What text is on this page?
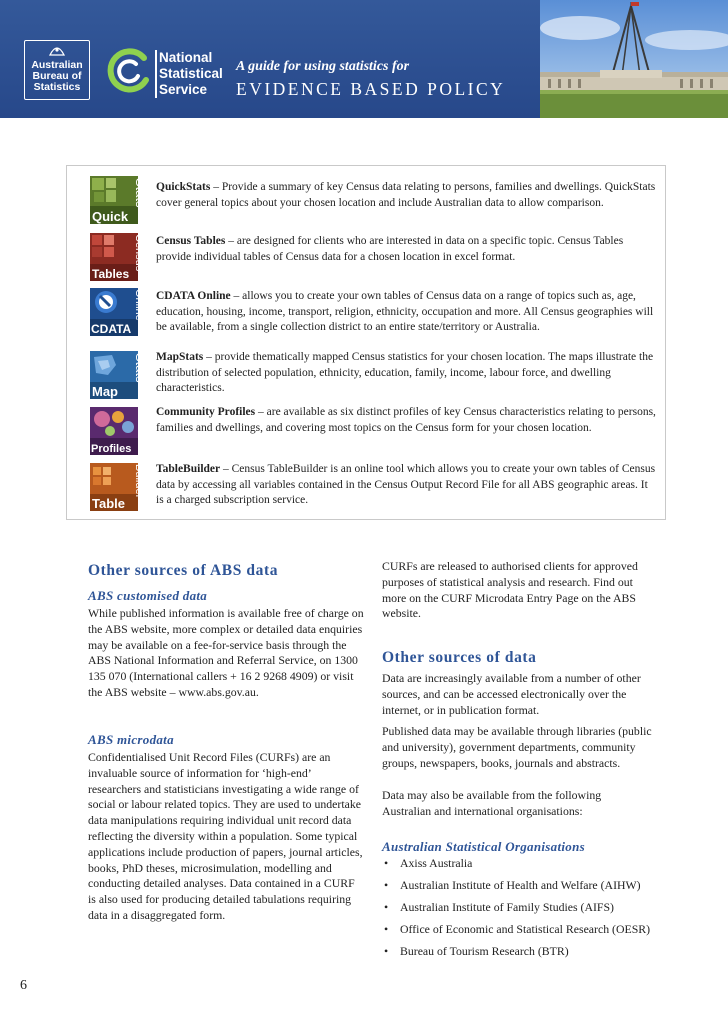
Australian
Bureau of
Statistics
National
Statistical
Service
A guide for using statistics for
EVIDENCE BASED POLICY
Stats
Quick
QuickStats – Provide a summary of key Census data relating to persons, families and dwellings. QuickStats cover general topics about your chosen location and include Australian data to allow comparison.
Census
Tables
Census Tables – are designed for clients who are interested in data on a specific topic. Census Tables provide individual tables of Census data for a chosen location in excel format.
Online
CDATA
CDATA Online – allows you to create your own tables of Census data on a range of topics such as, age, education, housing, income, transport, religion, ethnicity, occupation and more. All Census geographies will be available, from a single collection district to an entire state/territory or Australia.
Stats
Map
MapStats – provide thematically mapped Census statistics for your chosen location. The maps illustrate the distribution of selected population, ethnicity, education, family, income, labour force, and dwelling characteristics.
Profiles
Community Profiles – are available as six distinct profiles of key Census characteristics relating to persons, families and dwellings, and covering most topics on the Census form for your chosen location.
Builder
Table
TableBuilder – Census TableBuilder is an online tool which allows you to create your own tables of Census data by accessing all variables contained in the Census Output Record File for all ABS geographic areas. It is a charged subscription service.
Other sources of ABS data
ABS customised data

While published information is available free of charge on the ABS website, more complex or detailed data enquiries may be available on a fee-for-service basis through the ABS National Information and Referral Service, on 1300 135 070 (International callers + 16 2 9268 4909) or visit the ABS website – www.abs.gov.au.

ABS microdata

Confidentialised Unit Record Files (CURFs) are an invaluable source of information for ‘high-end’ researchers and statisticians investigating a wide range of social or labour related topics. They are used to undertake data manipulations requiring individual unit record data reflecting the diversity within a population. Some typical applications include production of papers, journal articles, books, PhD theses, microsimulation, modelling and conducting detailed analyses. Data contained in a CURF is also used for producing detailed tabulations requiring data in a disaggregated form.

CURFs are released to authorised clients for approved purposes of statistical analysis and research. Find out more on the CURF Microdata Entry Page on the ABS website.

Other sources of data

Data are increasingly available from a number of other sources, and can be accessed electronically over the internet, or in publication format.

Published data may be available through libraries (public and university), government departments, community groups, newspapers, books, journals and abstracts.

Data may also be available from the following Australian and international organisations:

Australian Statistical Organisations
• Axiss Australia
• Australian Institute of Health and Welfare (AIHW)
• Australian Institute of Family Studies (AIFS)
• Office of Economic and Statistical Research (OESR)
• Bureau of Tourism Research (BTR)
6
